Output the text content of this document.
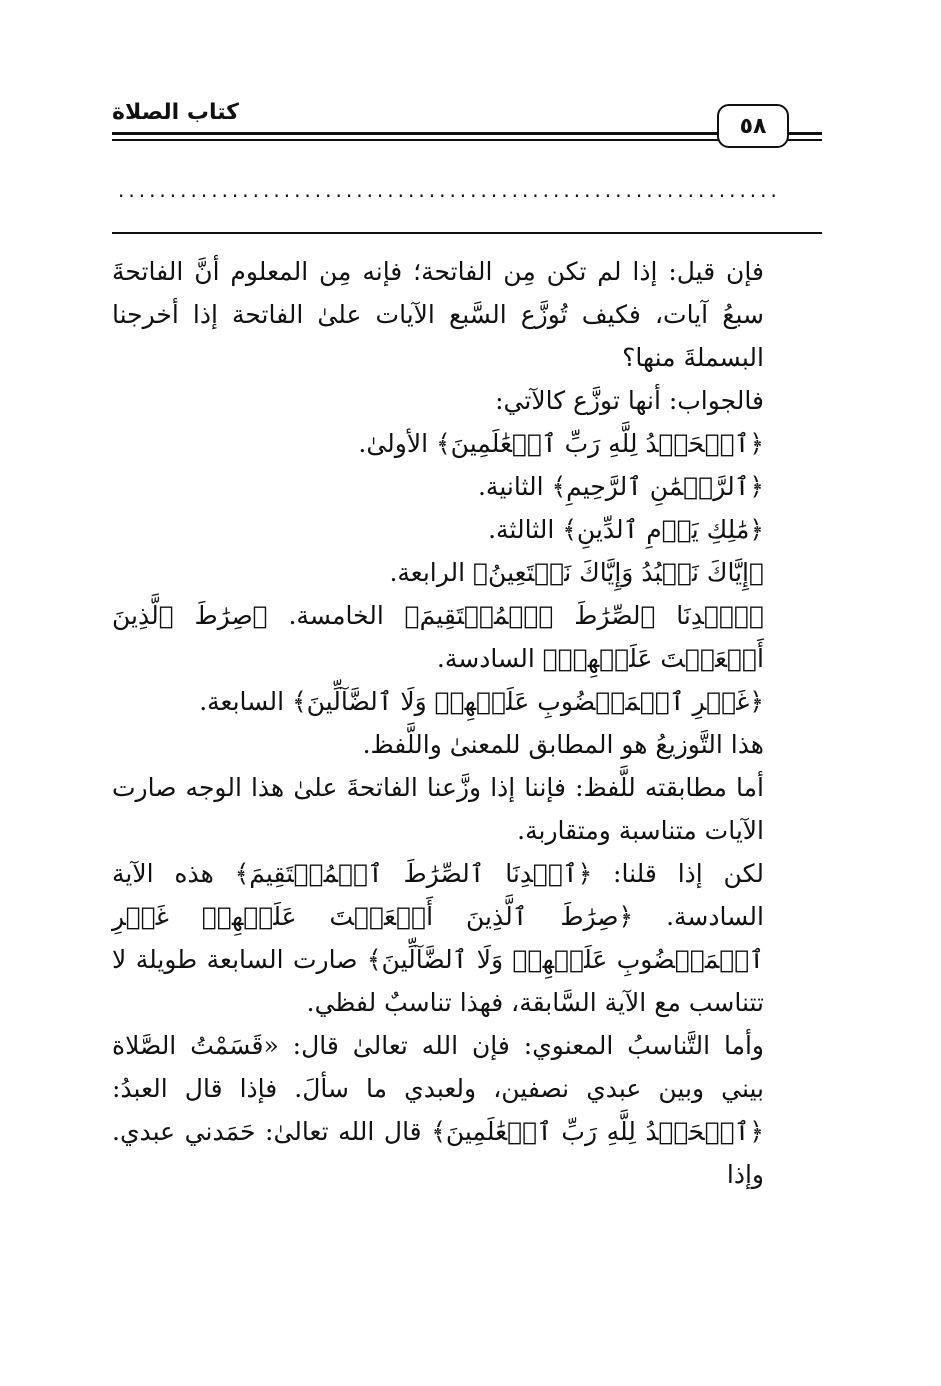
كتاب الصلاة
٥٨
................................................................

فإن قيل: إذا لم تكن مِن الفاتحة؛ فإنه مِن المعلوم أنَّ الفاتحةَ سبعُ آيات، فكيف تُوزَّع السَّبع الآيات علىٰ الفاتحة إذا أخرجنا البسملةَ منها؟

فالجواب: أنها توزَّع كالآتي:

﴿ٱلۡحَمۡدُ لِلَّهِ رَبِّ ٱلۡعَٰلَمِينَ﴾ الأولىٰ.

﴿ٱلرَّحۡمَٰنِ ٱلرَّحِيمِ﴾ الثانية.

﴿مَٰلِكِ يَوۡمِ ٱلدِّينِ﴾ الثالثة.

﴿إِيَّاكَ نَعۡبُدُ وَإِيَّاكَ نَسۡتَعِينُ﴾ الرابعة.

﴿ٱهۡدِنَا ٱلصِّرَٰطَ ٱلۡمُسۡتَقِيمَ﴾ الخامسة. ﴿صِرَٰطَ ٱلَّذِينَ أَنۡعَمۡتَ عَلَيۡهِمۡ﴾ السادسة.

﴿غَيۡرِ ٱلۡمَغۡضُوبِ عَلَيۡهِمۡ وَلَا ٱلضَّآلِّينَ﴾ السابعة.

هذا التَّوزيعُ هو المطابق للمعنىٰ واللَّفظ.

أما مطابقته للَّفظ: فإننا إذا وزَّعنا الفاتحةَ علىٰ هذا الوجه صارت الآيات متناسبة ومتقاربة.

لكن إذا قلنا: ﴿ٱهۡدِنَا ٱلصِّرَٰطَ ٱلۡمُسۡتَقِيمَ﴾ هذه الآية السادسة. ﴿صِرَٰطَ ٱلَّذِينَ أَنۡعَمۡتَ عَلَيۡهِمۡ غَيۡرِ ٱلۡمَغۡضُوبِ عَلَيۡهِمۡ وَلَا ٱلضَّآلِّينَ﴾ صارت السابعة طويلة لا تتناسب مع الآية السَّابقة، فهذا تناسبٌ لفظي.

وأما التَّناسبُ المعنوي: فإن الله تعالىٰ قال: «قَسَمْتُ الصَّلاة بيني وبين عبدي نصفين، ولعبدي ما سألَ. فإذا قال العبدُ: ﴿ٱلۡحَمۡدُ لِلَّهِ رَبِّ ٱلۡعَٰلَمِينَ﴾ قال الله تعالىٰ: حَمَدني عبدي. وإذا
